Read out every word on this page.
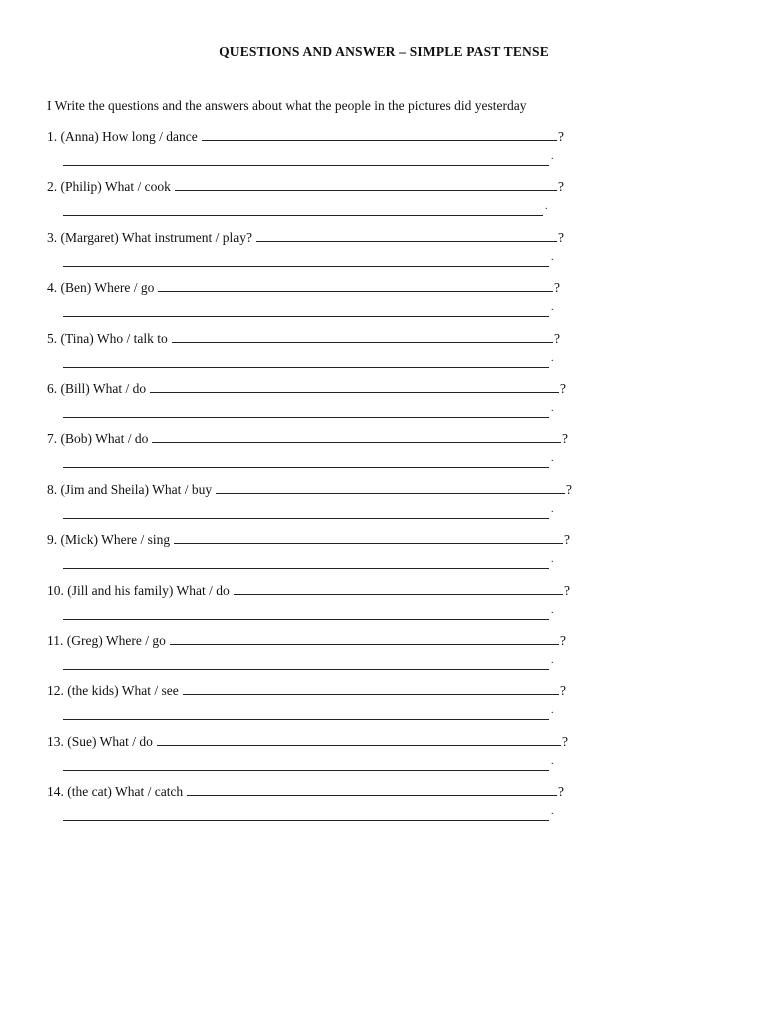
QUESTIONS AND ANSWER – SIMPLE PAST TENSE
I Write the questions and the answers about what the people in the pictures did yesterday
1. (Anna) How long / dance	?
.
2. (Philip) What / cook	?
.
3. (Margaret) What instrument / play?	?
.
4. (Ben) Where / go	?
.
5. (Tina) Who / talk to	?
.
6. (Bill) What / do	?
.
7. (Bob) What / do	?
.
8. (Jim and Sheila) What / buy	?
.
9. (Mick) Where / sing	?
.
10. (Jill and his family) What / do	?
.
11. (Greg) Where / go	?
.
12. (the kids) What / see	?
.
13. (Sue) What / do	?
.
14. (the cat) What / catch	?
.
